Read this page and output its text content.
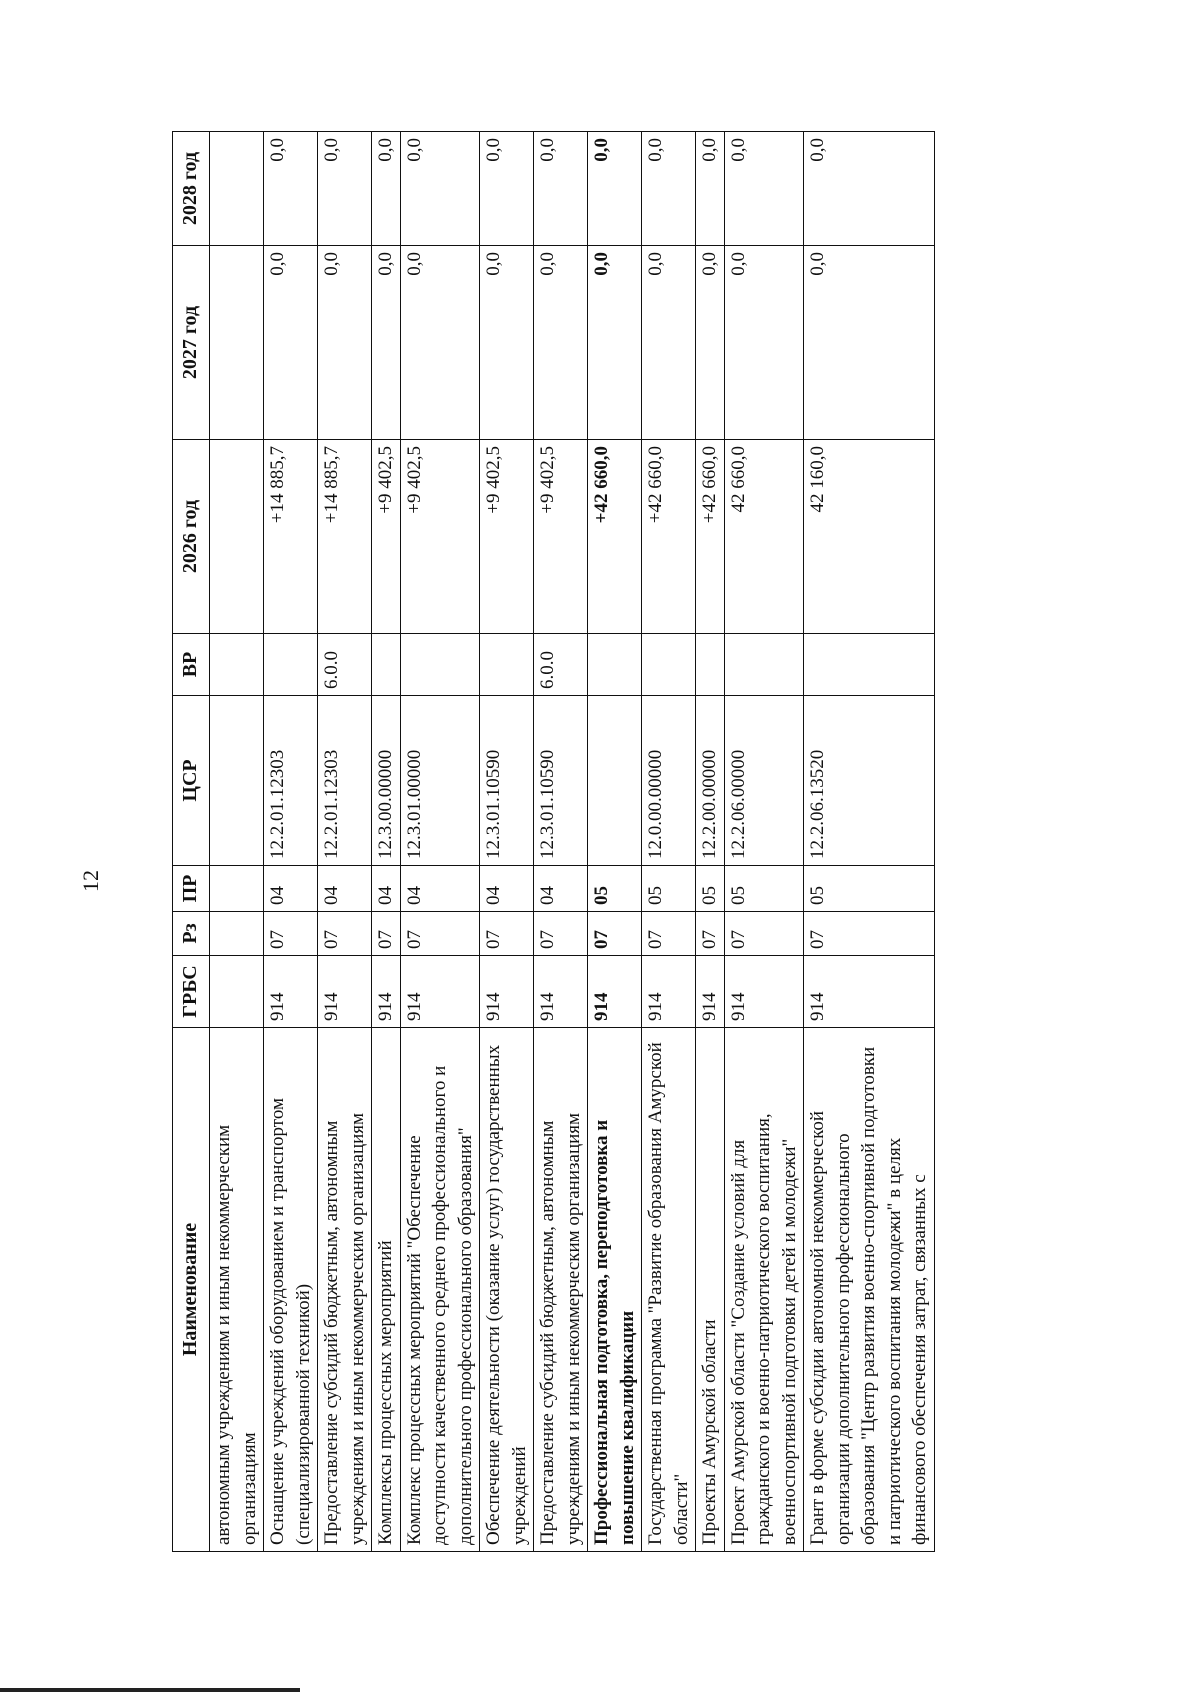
12
Наименование	ГРБС	Рз	ПР	ЦСР	ВР	2026 год	2027 год	2028 год
автономным учреждениям и иным некоммерческим организациям								
Оснащение учреждений оборудованием и транспортом (специализированной техникой)	914	07	04	12.2.01.12303		+14 885,7	0,0	0,0
Предоставление субсидий бюджетным, автономным учреждениям и иным некоммерческим организациям	914	07	04	12.2.01.12303	6.0.0	+14 885,7	0,0	0,0
Комплексы процессных мероприятий	914	07	04	12.3.00.00000		+9 402,5	0,0	0,0
Комплекс процессных мероприятий "Обеспечение доступности качественного среднего профессионального и дополнительного профессионального образования"	914	07	04	12.3.01.00000		+9 402,5	0,0	0,0
Обеспечение деятельности (оказание услуг) государственных учреждений	914	07	04	12.3.01.10590		+9 402,5	0,0	0,0
Предоставление субсидий бюджетным, автономным учреждениям и иным некоммерческим организациям	914	07	04	12.3.01.10590	6.0.0	+9 402,5	0,0	0,0
Профессиональная подготовка, переподготовка и повышение квалификации	914	07	05			+42 660,0	0,0	0,0
Государственная программа "Развитие образования Амурской области"	914	07	05	12.0.00.00000		+42 660,0	0,0	0,0
Проекты Амурской области	914	07	05	12.2.00.00000		+42 660,0	0,0	0,0
Проект Амурской области "Создание условий для гражданского и военно-патриотического воспитания, военноспортивной подготовки детей и молодежи"	914	07	05	12.2.06.00000		42 660,0	0,0	0,0
Грант в форме субсидии автономной некоммерческой организации дополнительного профессионального образования "Центр развития военно-спортивной подготовки и патриотического воспитания молодежи" в целях финансового обеспечения затрат, связанных с	914	07	05	12.2.06.13520		42 160,0	0,0	0,0
